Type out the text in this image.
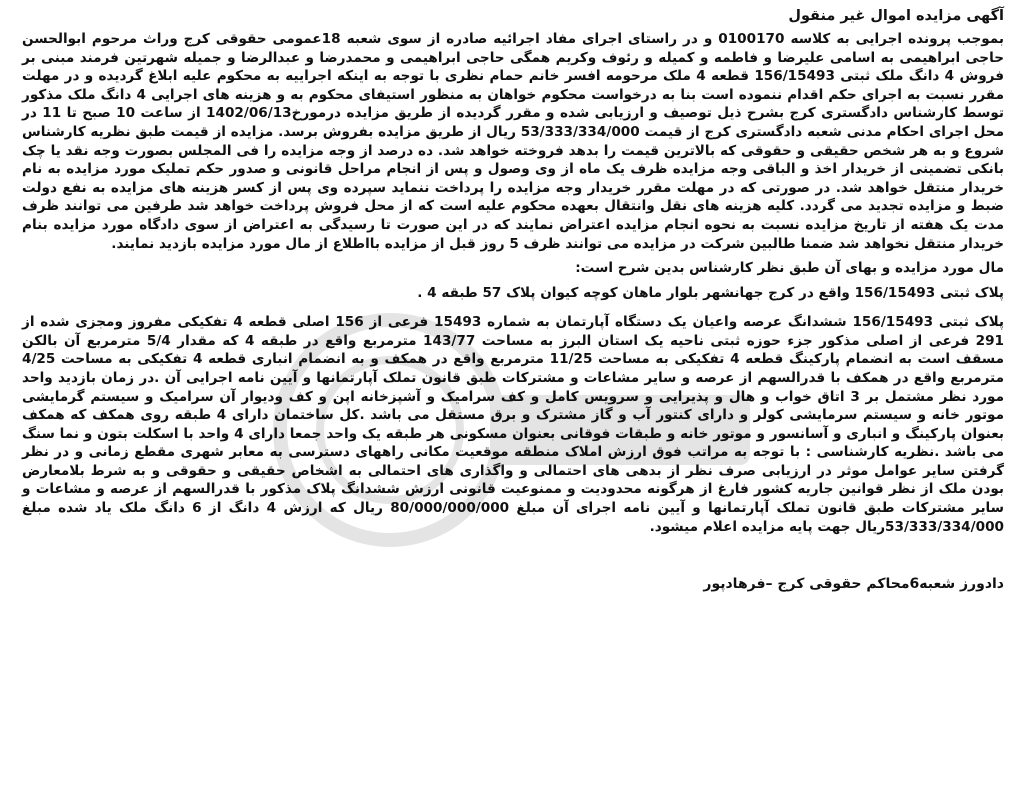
آگهی مزایده اموال غیر منقول

بموجب پرونده اجرایی به کلاسه 0100170 و در راستای اجرای مفاد اجرائیه صادره از سوی شعبه 18عمومی حقوقی کرج وراث مرحوم ابوالحسن حاجی ابراهیمی به اسامی علیرضا و فاطمه و کمیله و رئوف وکریم همگی حاجی ابراهیمی و محمدرضا و عبدالرضا و جمیله شهرتین فرمند مبنی بر فروش 4 دانگ ملک ثبتی 156/15493 قطعه 4 ملک مرحومه افسر خانم حمام نظری با توجه به اینکه اجراییه به محکوم علیه ابلاغ گردیده و در مهلت مقرر نسبت به اجرای حکم اقدام ننموده است بنا به درخواست محکوم خواهان به منظور استیفای محکوم به و هزینه های اجرایی 4 دانگ ملک مذکور توسط کارشناس دادگستری کرج بشرح ذیل توصیف و ارزیابی شده و مقرر گردیده از طریق مزایده درمورخ1402/06/13 از ساعت 10 صبح تا 11 در محل اجرای احکام مدنی شعبه دادگستری کرج از قیمت 53/333/334/000 ریال از طریق مزایده بفروش برسد. مزایده از قیمت طبق نظریه کارشناس شروع و به هر شخص حقیقی و حقوقی که بالاترین قیمت را بدهد فروخته خواهد شد. ده درصد از وجه مزایده را فی المجلس بصورت وجه نقد یا چک بانکی تضمینی از خریدار اخذ و الباقی وجه مزایده ظرف یک ماه از وی وصول و پس از انجام مراحل قانونی و صدور حکم تملیک مورد مزایده به نام خریدار منتقل خواهد شد. در صورتی که در مهلت مقرر خریدار وجه مزایده را پرداخت ننماید سپرده وی پس از کسر هزینه های مزایده به نفع دولت ضبط و مزایده تجدید می گردد. کلیه هزینه های نقل وانتقال بعهده محکوم علیه است که از محل فروش پرداخت خواهد شد طرفین می توانند ظرف مدت یک هفته از تاریخ مزایده نسبت به نحوه انجام مزایده اعتراض نمایند که در این صورت تا رسیدگی به اعتراض از سوی دادگاه مورد مزایده بنام خریدار منتقل نخواهد شد ضمنا طالبین شرکت در مزایده می توانند ظرف 5 روز قبل از مزایده بااطلاع از مال مورد مزایده بازدید نمایند.

مال مورد مزایده و بهای آن طبق نظر کارشناس بدین شرح است:

پلاک ثبتی 156/15493 واقع در کرج جهانشهر بلوار ماهان کوچه کیوان پلاک 57 طبقه 4 .

پلاک ثبتی 156/15493 ششدانگ عرصه واعیان یک دستگاه آپارتمان به شماره 15493 فرعی از 156 اصلی قطعه 4 تفکیکی مفروز ومجزی شده از 291 فرعی از اصلی مذکور جزء حوزه ثبتی ناحیه یک استان البرز به مساحت 143/77 مترمربع واقع در طبقه 4 که مقدار 5/4 مترمربع آن بالکن مسقف است به انضمام پارکینگ قطعه 4 تفکیکی به مساحت 11/25 مترمربع واقع در همکف و به انضمام انباری قطعه 4 تفکیکی به مساحت 4/25 مترمربع واقع در همکف با قدرالسهم از عرصه و سایر مشاعات و مشترکات طبق قانون تملک آپارتمانها و آیین نامه اجرایی آن .در زمان بازدید واحد مورد نظر مشتمل بر 3 اتاق خواب و هال و پذیرایی و سرویس کامل و کف سرامیک و آشپزخانه اپن و کف ودیوار آن سرامیک و سیستم گرمایشی موتور خانه و سیستم سرمایشی کولر و دارای کنتور آب و گاز مشترک و برق مستقل می باشد .کل ساختمان دارای 4 طبقه روی همکف که همکف بعنوان پارکینگ و انباری و آسانسور و موتور خانه و طبقات فوقانی بعنوان مسکونی هر طبقه یک واحد جمعا دارای 4 واحد با اسکلت بتون و نما سنگ می باشد .نظریه کارشناسی : با توجه به مراتب فوق ارزش املاک منطقه موقعیت مکانی راههای دسترسی به معابر شهری مقطع زمانی و در نظر گرفتن سایر عوامل موثر در ارزیابی صرف نظر از بدهی های احتمالی و واگذاری های احتمالی به اشخاص حقیقی و حقوقی و به شرط بلامعارض بودن ملک از نظر قوانین جاریه کشور فارغ از هرگونه محدودیت و ممنوعیت قانونی ارزش ششدانگ پلاک مذکور با قدرالسهم از عرصه و مشاعات و سایر مشترکات طبق قانون تملک آپارتمانها و آیین نامه اجرای آن مبلغ 80/000/000/000 ریال که ارزش 4 دانگ از 6 دانگ ملک یاد شده مبلغ 53/333/334/000ریال جهت پایه مزایده اعلام میشود.

دادورز شعبه6محاکم حقوقی کرج –فرهادپور
